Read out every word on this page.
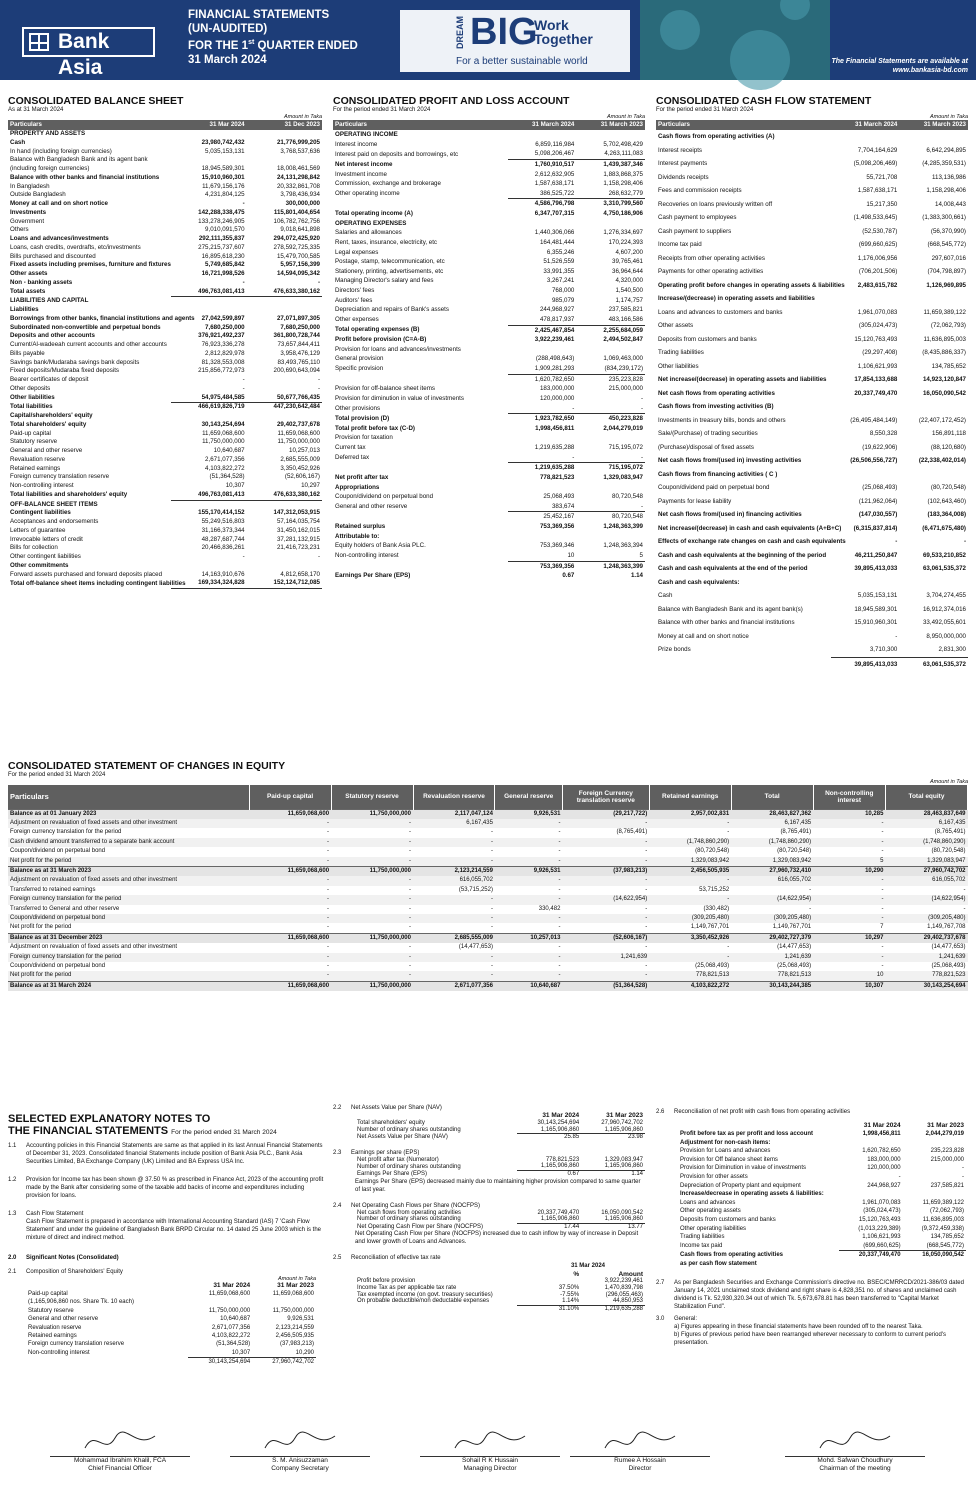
Bank Asia
FINANCIAL STATEMENTS
(UN-AUDITED)
FOR THE 1st QUARTER ENDED
31 March 2024
DREAM BIG
Work
Together
For a better sustainable world	The Financial Statements are available at
www.bankasia-bd.com
CONSOLIDATED BALANCE SHEET
As at 31 March 2024
Amount in Taka
Particulars	31 Mar 2024	31 Dec 2023
PROPERTY AND ASSETS		
Cash	23,980,742,432	21,776,999,205
In hand (including foreign currencies)	5,035,153,131	3,768,537,636
Balance with Bangladesh Bank and its agent bank		
(including foreign currencies)	18,945,589,301	18,008,461,569
Balance with other banks and financial institutions	15,910,960,301	24,131,298,842
In Bangladesh	11,679,156,176	20,332,861,708
Outside Bangladesh	4,231,804,125	3,798,436,934
Money at call and on short notice	-	300,000,000
Investments	142,288,338,475	115,801,404,654
Government	133,278,246,905	106,782,762,756
Others	9,010,091,570	9,018,641,898
Loans and advances/investments	292,111,355,837	294,072,425,920
Loans, cash credits, overdrafts, etc/investments	275,215,737,607	278,592,725,335
Bills purchased and discounted	16,895,618,230	15,479,700,585
Fixed assets including premises, furniture and fixtures	5,749,685,842	5,957,156,399
Other assets	16,721,998,526	14,594,095,342
Non - banking assets	-	-
Total assets	496,763,081,413	476,633,380,162

LIABILITIES AND CAPITAL		
Liabilities		
Borrowings from other banks, financial institutions and agents	27,042,599,897	27,071,897,305
Subordinated non-convertible and perpetual bonds	7,680,250,000	7,680,250,000
Deposits and other accounts	376,921,492,237	361,800,728,744
Current/Al-wadeeah current accounts and other accounts	76,923,336,278	73,657,844,411
Bills payable	2,812,829,978	3,958,476,129
Savings bank/Mudaraba savings bank deposits	81,328,553,008	83,493,765,110
Fixed deposits/Mudaraba fixed deposits	215,856,772,973	200,690,643,094
Bearer certificates of deposit	-	-
Other deposits	-	-
Other liabilities	54,975,484,585	50,677,766,435
Total liabilities	466,619,826,719	447,230,642,484
Capital/shareholders' equity		
Total shareholders' equity	30,143,254,694	29,402,737,678
Paid-up capital	11,659,068,600	11,659,068,600
Statutory reserve	11,750,000,000	11,750,000,000
General and other reserve	10,640,687	10,257,013
Revaluation reserve	2,671,077,356	2,685,555,009
Retained earnings	4,103,822,272	3,350,452,926
Foreign currency translation reserve	(51,364,528)	(52,606,167)
Non-controlling interest	10,307	10,297
Total liabilities and shareholders' equity	496,763,081,413	476,633,380,162

OFF-BALANCE SHEET ITEMS		
Contingent liabilities	155,170,414,152	147,312,053,915
Acceptances and endorsements	55,249,516,803	57,164,035,754
Letters of guarantee	31,166,373,344	31,450,162,015
Irrevocable letters of credit	48,287,687,744	37,281,132,915
Bills for collection	20,466,836,261	21,416,723,231
Other contingent liabilities	-	-
Other commitments		
Forward assets purchased and forward deposits placed	14,163,910,676	4,812,658,170
Total off-balance sheet items including contingent liabilities	169,334,324,828	152,124,712,085
CONSOLIDATED PROFIT AND LOSS ACCOUNT
For the period ended 31 March 2024
Amount in Taka
Particulars	31 March 2024	31 March 2023
OPERATING INCOME		
Interest income	6,859,116,984	5,702,498,429
Interest paid on deposits and borrowings, etc	5,098,206,467	4,263,111,083
Net interest income	1,760,910,517	1,439,387,346
Investment income	2,612,632,905	1,883,868,375
Commission, exchange and brokerage	1,587,638,171	1,158,298,406
Other operating income	386,525,722	268,632,779
	4,586,796,798	3,310,799,560

Total operating income (A)	6,347,707,315	4,750,186,906
OPERATING EXPENSES		
Salaries and allowances	1,440,306,066	1,276,334,697
Rent, taxes, insurance, electricity, etc	164,481,444	170,224,393
Legal expenses	6,355,246	4,607,200
Postage, stamp, telecommunication, etc	51,526,559	39,765,461
Stationery, printing, advertisements, etc	33,991,355	36,964,644
Managing Director's salary and fees	3,267,241	4,320,000
Directors' fees	768,000	1,540,500
Auditors' fees	985,079	1,174,757
Depreciation and repairs of Bank's assets	244,968,927	237,585,821
Other expenses	478,817,937	483,166,586
Total operating expenses (B)	2,425,467,854	2,255,684,059
Profit before provision (C=A-B)	3,922,239,461	2,494,502,847
Provision for loans and advances/investments		
General provision	(288,498,643)	1,069,463,000
Specific provision	1,909,281,293	(834,239,172)
	1,620,782,650	235,223,828
Provision for off-balance sheet items	183,000,000	215,000,000

Provision for diminution in value of investments	120,000,000	-

Other provisions	-	-
Total provision (D)	1,923,782,650	450,223,828
Total profit before tax (C-D)	1,998,456,811	2,044,279,019
Provision for taxation		
Current tax	1,219,635,288	715,195,072
Deferred tax	-	-
	1,219,635,288	715,195,072

Net profit after tax	778,821,523	1,329,083,947

Appropriations		

Coupon/dividend on perpetual bond	25,068,493	80,720,548

General and other reserve	383,674	-
	25,452,167	80,720,548

Retained surplus	753,369,356	1,248,363,399

Attributable to:		

Equity holders of Bank Asia PLC.	753,369,346	1,248,363,394
Non-controlling interest	10	5
	753,369,356	1,248,363,399

Earnings Per Share (EPS)	0.67	1.14
CONSOLIDATED CASH FLOW STATEMENT
For the period ended 31 March 2024
Amount in Taka
Particulars	31 March 2024	31 March 2023
Cash flows from operating activities (A)		
Interest receipts	7,704,164,629	6,642,294,895
Interest payments	(5,098,206,469)	(4,285,359,531)
Dividends receipts	55,721,708	113,136,986
Fees and commission receipts	1,587,638,171	1,158,298,406
Recoveries on loans previously written off	15,217,350	14,008,443
Cash payment to employees	(1,498,533,645)	(1,383,300,661)
Cash payment to suppliers	(52,530,787)	(56,370,990)
Income tax paid	(699,660,625)	(668,545,772)
Receipts from other operating activities	1,176,006,956	297,607,016
Payments for other operating activities	(706,201,506)	(704,798,897)
Operating profit before changes in operating assets & liabilities	2,483,615,782	1,126,969,895
Increase/(decrease) in operating assets and liabilities		
Loans and advances to customers and banks	1,961,070,083	11,659,389,122
Other assets	(305,024,473)	(72,062,793)
Deposits from customers and banks	15,120,763,493	11,636,895,003
Trading liabilities	(29,297,408)	(8,435,886,337)
Other liabilities	1,106,621,993	134,785,652
Net increase/(decrease) in operating assets and liabilities	17,854,133,688	14,923,120,847
Net cash flows from operating activities	20,337,749,470	16,050,090,542
Cash flows from investing activities (B)		
Investments in treasury bills, bonds and others	(26,495,484,149)	(22,407,172,452)
Sale/(Purchase) of trading securities	8,550,328	156,891,118
(Purchase)/disposal of fixed assets	(19,622,906)	(88,120,680)
Net cash flows from/(used in) investing activities	(26,506,556,727)	(22,338,402,014)
Cash flows from financing activities ( C )		
Coupon/dividend paid on perpetual bond	(25,068,493)	(80,720,548)
Payments for lease liability	(121,962,064)	(102,643,460)
Net cash flows from/(used in) financing activities	(147,030,557)	(183,364,008)
Net increase/(decrease) in cash and cash equivalents (A+B+C)	(6,315,837,814)	(6,471,675,480)
Effects of exchange rate changes on cash and cash equivalents	-	-
Cash and cash equivalents at the beginning of the period	46,211,250,847	69,533,210,852
Cash and cash equivalents at the end of the period	39,895,413,033	63,061,535,372
Cash and cash equivalents:		
Cash	5,035,153,131	3,704,274,455
Balance with Bangladesh Bank and its agent bank(s)	18,945,589,301	16,912,374,016
Balance with other banks and financial institutions	15,910,960,301	33,492,055,601
Money at call and on short notice	-	8,950,000,000
Prize bonds	3,710,300	2,831,300
	39,895,413,033	63,061,535,372
CONSOLIDATED STATEMENT OF CHANGES IN EQUITY
For the period ended 31 March 2024
Amount in Taka
Particulars	Paid-up capital	Statutory reserve	Revaluation reserve	General reserve	Foreign Currency translation reserve	Retained earnings	Total	Non-controlling interest	Total equity
Balance as at 01 January 2023	11,659,068,600	11,750,000,000	2,117,047,124	9,926,531	(29,217,722)	2,957,002,831	28,463,827,362	10,285	28,463,837,649
Adjustment on revaluation of fixed assets and other investment	-	-	6,167,435	-	-	-	6,167,435	-	6,167,435
Foreign currency translation for the period	-	-	-	-	(8,765,491)	-	(8,765,491)	-	(8,765,491)
Cash dividend amount transferred to a separate bank account	-	-	-	-	-	(1,748,860,290)	(1,748,860,290)	-	(1,748,860,290)
Coupon/dividend on perpetual bond	-	-	-	-	-	(80,720,548)	(80,720,548)	-	(80,720,548)
Net profit for the period	-	-	-	-	-	1,329,083,942	1,329,083,942	5	1,329,083,947
Balance as at 31 March 2023	11,659,068,600	11,750,000,000	2,123,214,559	9,926,531	(37,983,213)	2,456,505,935	27,960,732,410	10,290	27,960,742,702
Adjustment on revaluation of fixed assets and other investment	-	-	616,055,702	-	-	-	616,055,702	-	616,055,702
Transferred to retained earnings	-	-	(53,715,252)	-	-	53,715,252	-	-	-
Foreign currency translation for the period	-	-	-	-	(14,622,954)	-	(14,622,954)	-	(14,622,954)
Transferred to General and other reserve	-	-	-	330,482	-	(330,482)	-	-	-
Coupon/dividend on perpetual bond	-	-	-	-	-	(309,205,480)	(309,205,480)	-	(309,205,480)
Net profit for the period	-	-	-	-	-	1,149,767,701	1,149,767,701	7	1,149,767,708
Balance as at 31 December 2023	11,659,068,600	11,750,000,000	2,685,555,009	10,257,013	(52,606,167)	3,350,452,926	29,402,727,379	10,297	29,402,737,678
Adjustment on revaluation of fixed assets and other investment	-	-	(14,477,653)	-	-	-	(14,477,653)	-	(14,477,653)
Foreign currency translation for the period	-	-	-	-	1,241,639	-	1,241,639	-	1,241,639
Coupon/dividend on perpetual bond	-	-	-	-	-	(25,068,493)	(25,068,493)	-	(25,068,493)
Net profit for the period	-	-	-	-	-	778,821,513	778,821,513	10	778,821,523
Balance as at 31 March 2024	11,659,068,600	11,750,000,000	2,671,077,356	10,640,687	(51,364,528)	4,103,822,272	30,143,244,385	10,307	30,143,254,694
SELECTED EXPLANATORY NOTES TO
THE FINANCIAL STATEMENTS For the period ended 31 March 2024
1.1	Accounting policies in this Financial Statements are same as that applied in its last Annual Financial Statements of December 31, 2023. Consolidated financial Statements include position of Bank Asia PLC., Bank Asia Securities Limited, BA Exchange Company (UK) Limited and BA Express USA Inc.
1.2	Provision for Income tax has been shown @ 37.50 % as prescribed in Finance Act, 2023 of the accounting profit made by the Bank after considering some of the taxable add backs of income and expenditures including provision for loans.
1.3	Cash Flow Statement
Cash Flow Statement is prepared in accordance with International Accounting Standard (IAS) 7 'Cash Flow Statement' and under the guideline of Bangladesh Bank BRPD Circular no. 14 dated 25 June 2003 which is the mixture of direct and indirect method.
2.0	Significant Notes (Consolidated)
2.1	Composition of Shareholders' Equity
Amount in Taka
	31 Mar 2024	31 Mar 2023
Paid-up capital	11,659,068,600	11,659,068,600
(1,165,906,860 nos. Share Tk. 10 each)		
Statutory reserve	11,750,000,000	11,750,000,000
General and other reserve	10,640,687	9,926,531
Revaluation reserve	2,671,077,356	2,123,214,559
Retained earnings	4,103,822,272	2,456,505,935
Foreign currency translation reserve	(51,364,528)	(37,983,213)
Non-controlling interest	10,307	10,290
	30,143,254,694	27,960,742,702
2.2	Net Assets Value per Share (NAV)
	31 Mar 2024	31 Mar 2023
Total shareholders' equity	30,143,254,694	27,960,742,702
Number of ordinary shares outstanding	1,165,906,860	1,165,906,860
Net Assets Value per Share (NAV)	25.85	23.98
2.3	Earnings per share (EPS)
Net profit after tax (Numerator)	778,821,523	1,329,083,947
Number of ordinary shares outstanding	1,165,906,860	1,165,906,860
Earnings Per Share (EPS)	0.67	1.14
Earnings Per Share (EPS) decreased mainly due to maintaining higher provision compared to same quarter of last year.
2.4	Net Operating Cash Flows per Share (NOCFPS)
Net cash flows from operating activities	20,337,749,470	16,050,090,542
Number of ordinary shares outstanding	1,165,906,860	1,165,906,860
Net Operating Cash Flow per Share (NOCFPS)	17.44	13.77
Net Operating Cash Flow per Share (NOCFPS) increased due to cash inflow by way of increase in Deposit and lower growth of Loans and Advances.
2.5	Reconciliation of effective tax rate
31 Mar 2024
	%	Amount
Profit before provision		3,922,239,461
Income Tax as per applicable tax rate	37.50%	1,470,839,798
Tax exempted income (on govt. treasury securities)	-7.55%	(296,055,463)
On probable deductible/non deductable expenses	1.14%	44,850,953
	31.10%	1,219,635,288
2.6	Reconciliation of net profit with cash flows from operating activities
	31 Mar 2024	31 Mar 2023
Profit before tax as per profit and loss account	1,998,456,811	2,044,279,019
Adjustment for non-cash items:		
Provision for Loans and advances	1,620,782,650	235,223,828
Provision for Off balance sheet items	183,000,000	215,000,000
Provision for Diminution in value of investments	120,000,000	-
Provision for other assets	-	-
Depreciation of Property plant and equipment	244,968,927	237,585,821

Increase/decrease in operating assets & liabilities:		
Loans and advances	1,961,070,083	11,659,389,122
Other operating assets	(305,024,473)	(72,062,793)
Deposits from customers and banks	15,120,763,493	11,636,895,003
Other operating liabilities	(1,013,229,389)	(9,372,459,338)
Trading liabilities	1,106,621,993	134,785,652
Income tax paid	(699,660,625)	(668,545,772)
Cash flows from operating activities	20,337,749,470	16,050,090,542
as per cash flow statement		
2.7	As per Bangladesh Securities and Exchange Commission's directive no. BSEC/CMRRCD/2021-386/03 dated January 14, 2021 unclaimed stock dividend and right share is 4,828,351 no. of shares and unclaimed cash dividend is Tk. 52,930,320.34 out of which Tk. 5,673,678.81 has been transferred to "Capital Market Stabilization Fund".
3.0	General:
a) Figures appearing in these financial statements have been rounded off to the nearest Taka.
b) Figures of previous period have been rearranged wherever necessary to conform to current period's presentation.
Mohammad Ibrahim Khalil, FCA
Chief Financial Officer
S. M. Anisuzzaman
Company Secretary
Sohail R K Hussain
Managing Director
Rumee A Hossain
Director
Mohd. Safwan Choudhury
Chairman of the meeting
